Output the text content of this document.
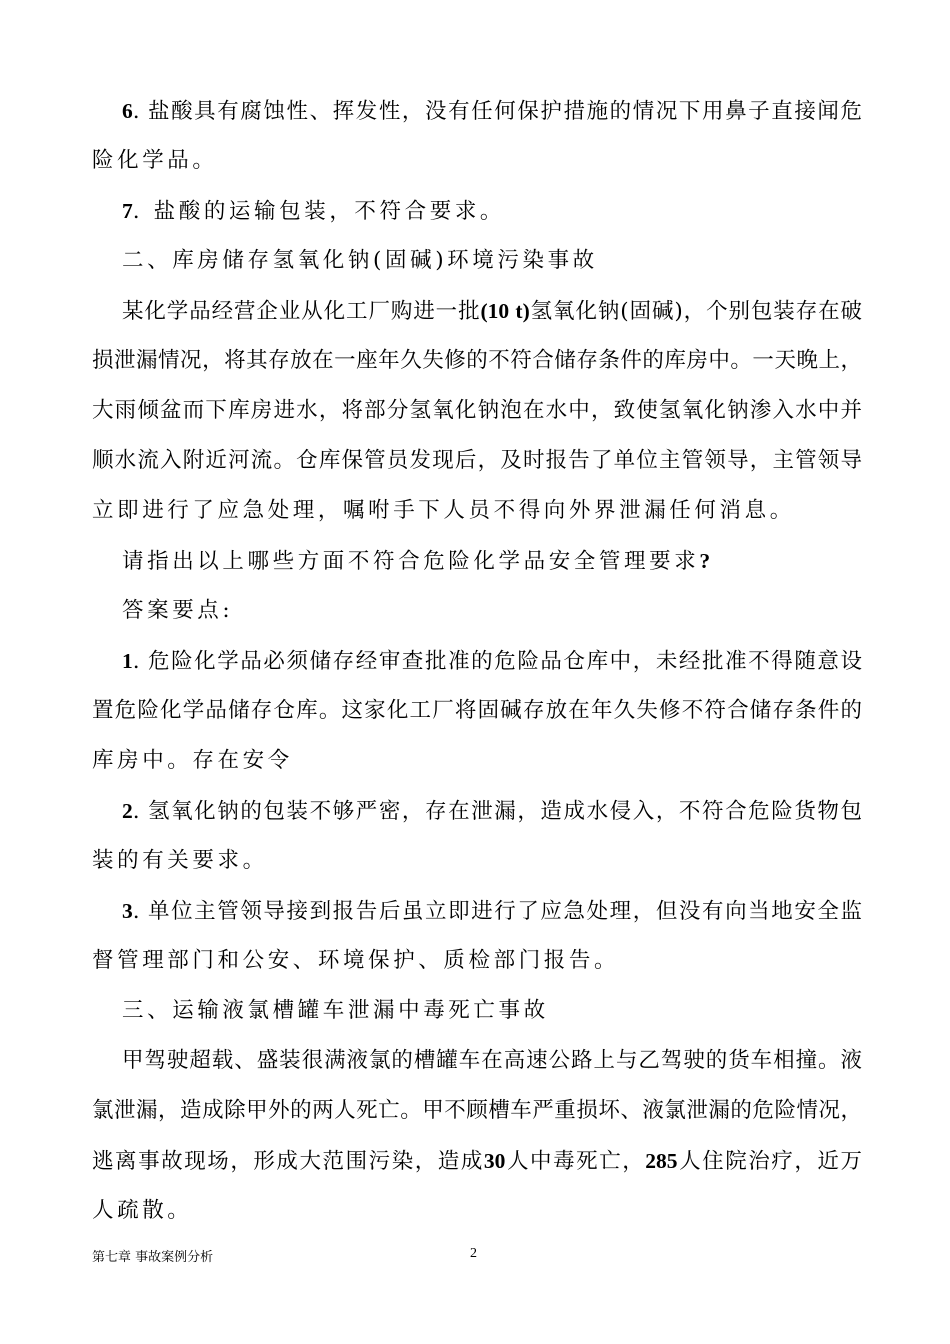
6. 盐酸具有腐蚀性、挥发性，没有任何保护措施的情况下用鼻子直接闻危
险化学品。
7. 盐酸的运输包装，不符合要求。
二、库房储存氢氧化钠(固碱)环境污染事故
某化学品经营企业从化工厂购进一批(10 t)氢氧化钠(固碱)，个别包装存在破
损泄漏情况，将其存放在一座年久失修的不符合储存条件的库房中。一天晚上，
大雨倾盆而下库房进水，将部分氢氧化钠泡在水中，致使氢氧化钠渗入水中并
顺水流入附近河流。仓库保管员发现后，及时报告了单位主管领导，主管领导
立即进行了应急处理，嘱咐手下人员不得向外界泄漏任何消息。
请指出以上哪些方面不符合危险化学品安全管理要求?
答案要点:
1. 危险化学品必须储存经审查批准的危险品仓库中，未经批准不得随意设
置危险化学品储存仓库。这家化工厂将固碱存放在年久失修不符合储存条件的
库房中。存在安令
2. 氢氧化钠的包装不够严密，存在泄漏，造成水侵入，不符合危险货物包
装的有关要求。
3. 单位主管领导接到报告后虽立即进行了应急处理，但没有向当地安全监
督管理部门和公安、环境保护、质检部门报告。
三、运输液氯槽罐车泄漏中毒死亡事故
甲驾驶超载、盛装很满液氯的槽罐车在高速公路上与乙驾驶的货车相撞。液
氯泄漏，造成除甲外的两人死亡。甲不顾槽车严重损坏、液氯泄漏的危险情况，
逃离事故现场，形成大范围污染，造成30人中毒死亡，285人住院治疗，近万
人疏散。
第七章 事故案例分析	2
